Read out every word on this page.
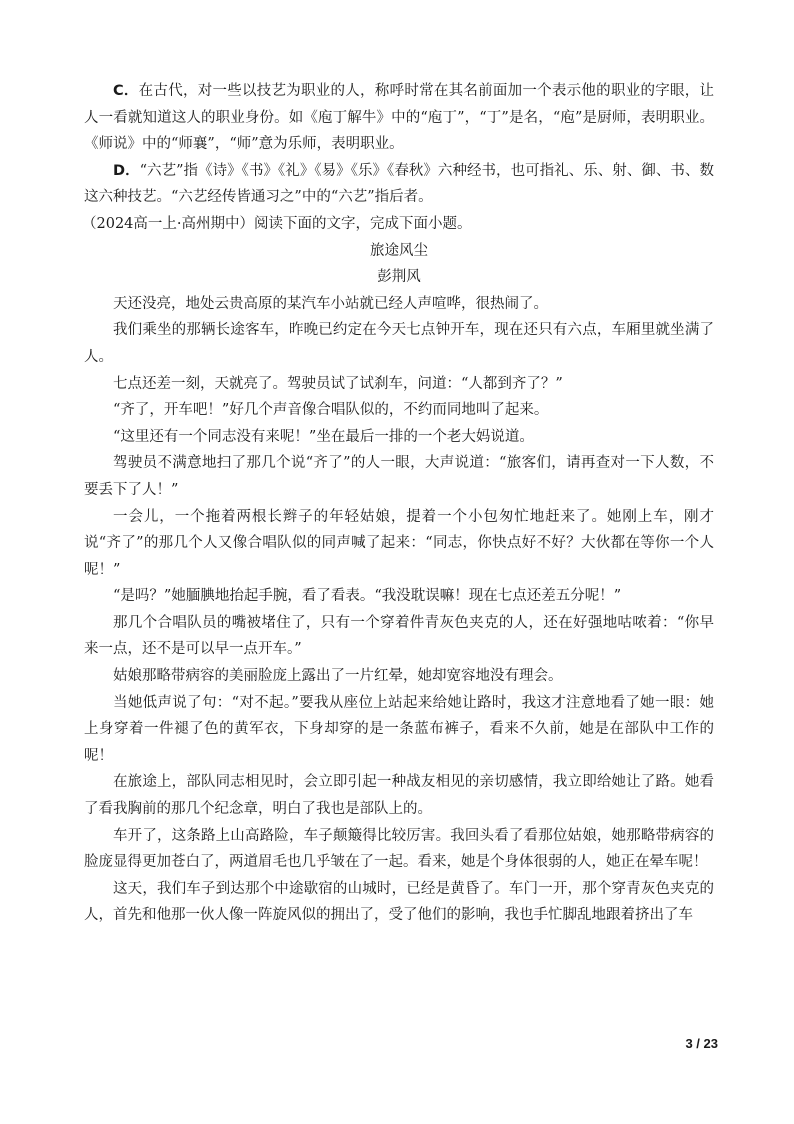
C．在古代，对一些以技艺为职业的人，称呼时常在其名前面加一个表示他的职业的字眼，让人一看就知道这人的职业身份。如《庖丁解牛》中的“庖丁”，“丁”是名，“庖”是厨师，表明职业。《师说》中的“师襄”，“师”意为乐师，表明职业。

D．“六艺”指《诗》《书》《礼》《易》《乐》《春秋》六种经书，也可指礼、乐、射、御、书、数这六种技艺。“六艺经传皆通习之”中的“六艺”指后者。

（2024高一上·高州期中）阅读下面的文字，完成下面小题。

旅途风尘

彭荆风

天还没亮，地处云贵高原的某汽车小站就已经人声喧哗，很热闹了。

我们乘坐的那辆长途客车，昨晚已约定在今天七点钟开车，现在还只有六点，车厢里就坐满了人。

七点还差一刻，天就亮了。驾驶员试了试刹车，问道：“人都到齐了？”

“齐了，开车吧！”好几个声音像合唱队似的，不约而同地叫了起来。

“这里还有一个同志没有来呢！”坐在最后一排的一个老大妈说道。

驾驶员不满意地扫了那几个说“齐了”的人一眼，大声说道：“旅客们，请再查对一下人数，不要丢下了人！”

一会儿，一个拖着两根长辫子的年轻姑娘，提着一个小包匆忙地赶来了。她刚上车，刚才说“齐了”的那几个人又像合唱队似的同声喊了起来：“同志，你快点好不好？大伙都在等你一个人呢！”

“是吗？”她腼腆地抬起手腕，看了看表。“我没耽误嘛！现在七点还差五分呢！”

那几个合唱队员的嘴被堵住了，只有一个穿着件青灰色夹克的人，还在好强地咕哝着：“你早来一点，还不是可以早一点开车。”

姑娘那略带病容的美丽脸庞上露出了一片红晕，她却宽容地没有理会。

当她低声说了句：“对不起。”要我从座位上站起来给她让路时，我这才注意地看了她一眼：她上身穿着一件褪了色的黄军衣，下身却穿的是一条蓝布裤子，看来不久前，她是在部队中工作的呢！

在旅途上，部队同志相见时，会立即引起一种战友相见的亲切感情，我立即给她让了路。她看了看我胸前的那几个纪念章，明白了我也是部队上的。

车开了，这条路上山高路险，车子颠簸得比较厉害。我回头看了看那位姑娘，她那略带病容的脸庞显得更加苍白了，两道眉毛也几乎皱在了一起。看来，她是个身体很弱的人，她正在晕车呢！

这天，我们车子到达那个中途歇宿的山城时，已经是黄昏了。车门一开，那个穿青灰色夹克的人，首先和他那一伙人像一阵旋风似的拥出了，受了他们的影响，我也手忙脚乱地跟着挤出了车

3 / 23
